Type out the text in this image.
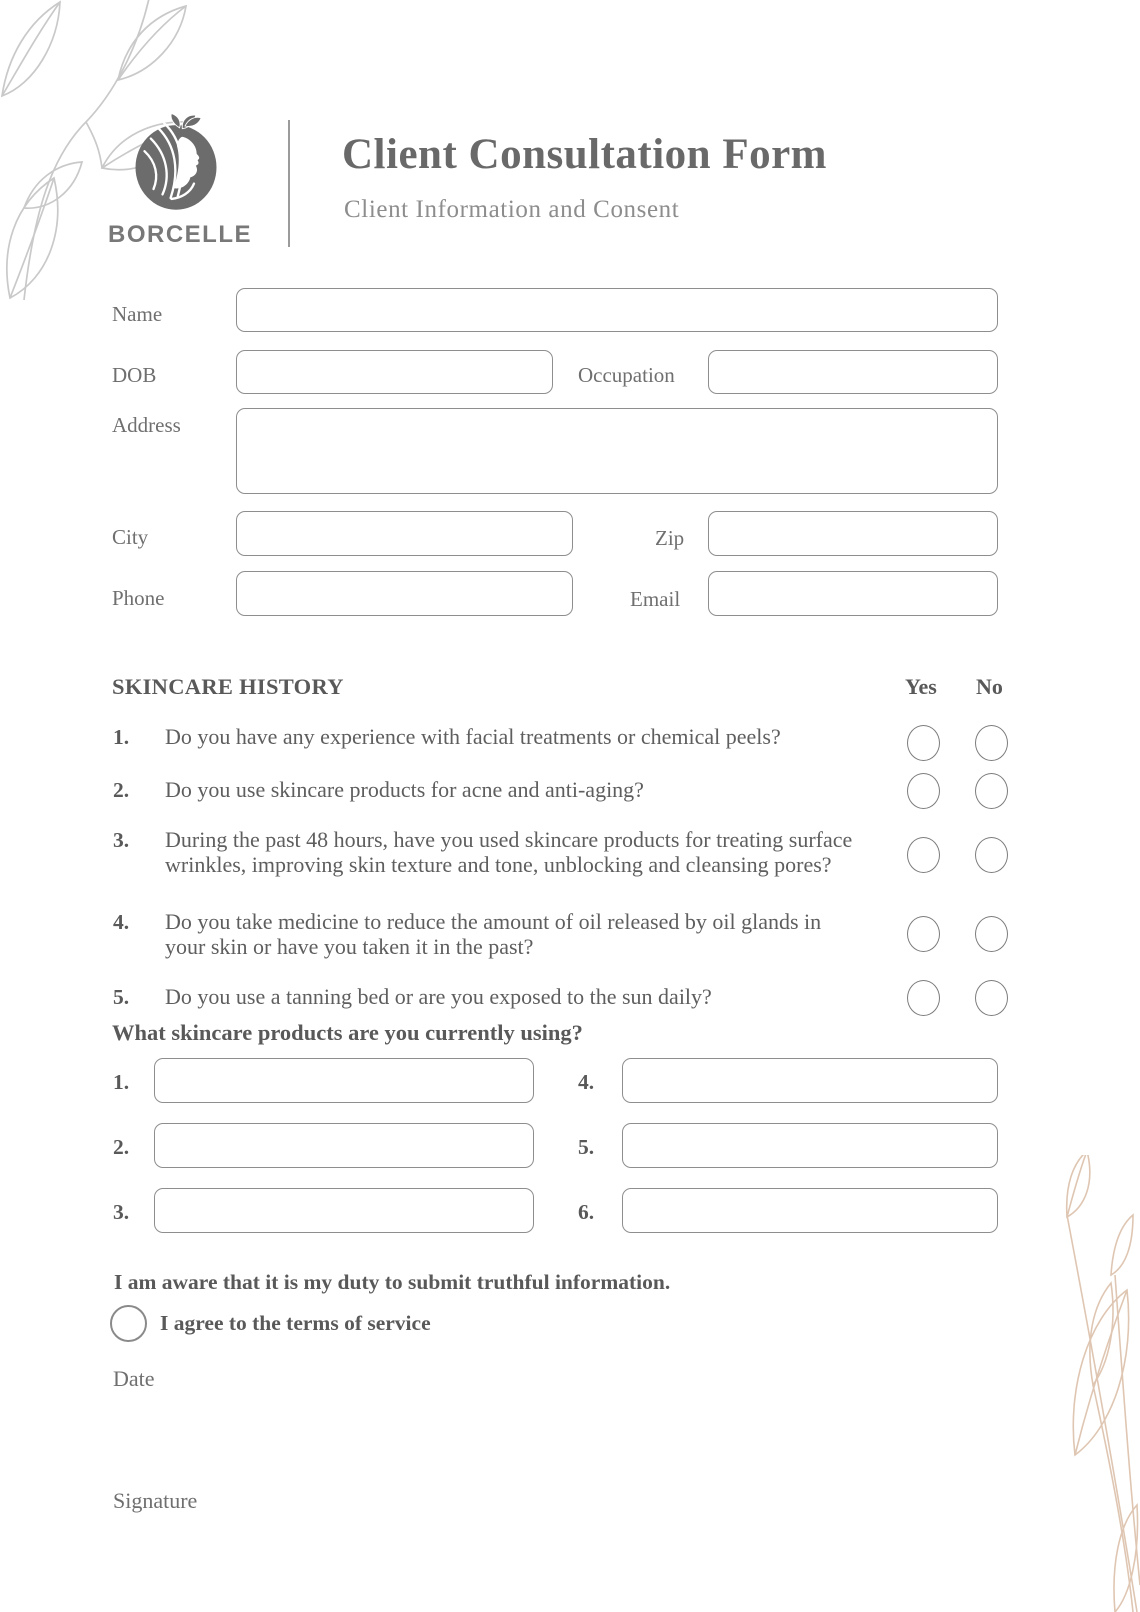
BORCELLE
Client Consultation Form
Client Information and Consent
Name
DOB	Occupation
Address
City	Zip
Phone	Email
SKINCARE HISTORY	Yes No
1. Do you have any experience with facial treatments or chemical peels?
2. Do you use skincare products for acne and anti-aging?
3. During the past 48 hours, have you used skincare products for treating surface wrinkles, improving skin texture and tone, unblocking and cleansing pores?
4. Do you take medicine to reduce the amount of oil released by oil glands in your skin or have you taken it in the past?
5. Do you use a tanning bed or are you exposed to the sun daily?
What skincare products are you currently using?
1.	4.
2.	5.
3.	6.
I am aware that it is my duty to submit truthful information.
I agree to the terms of service
Date
Signature
